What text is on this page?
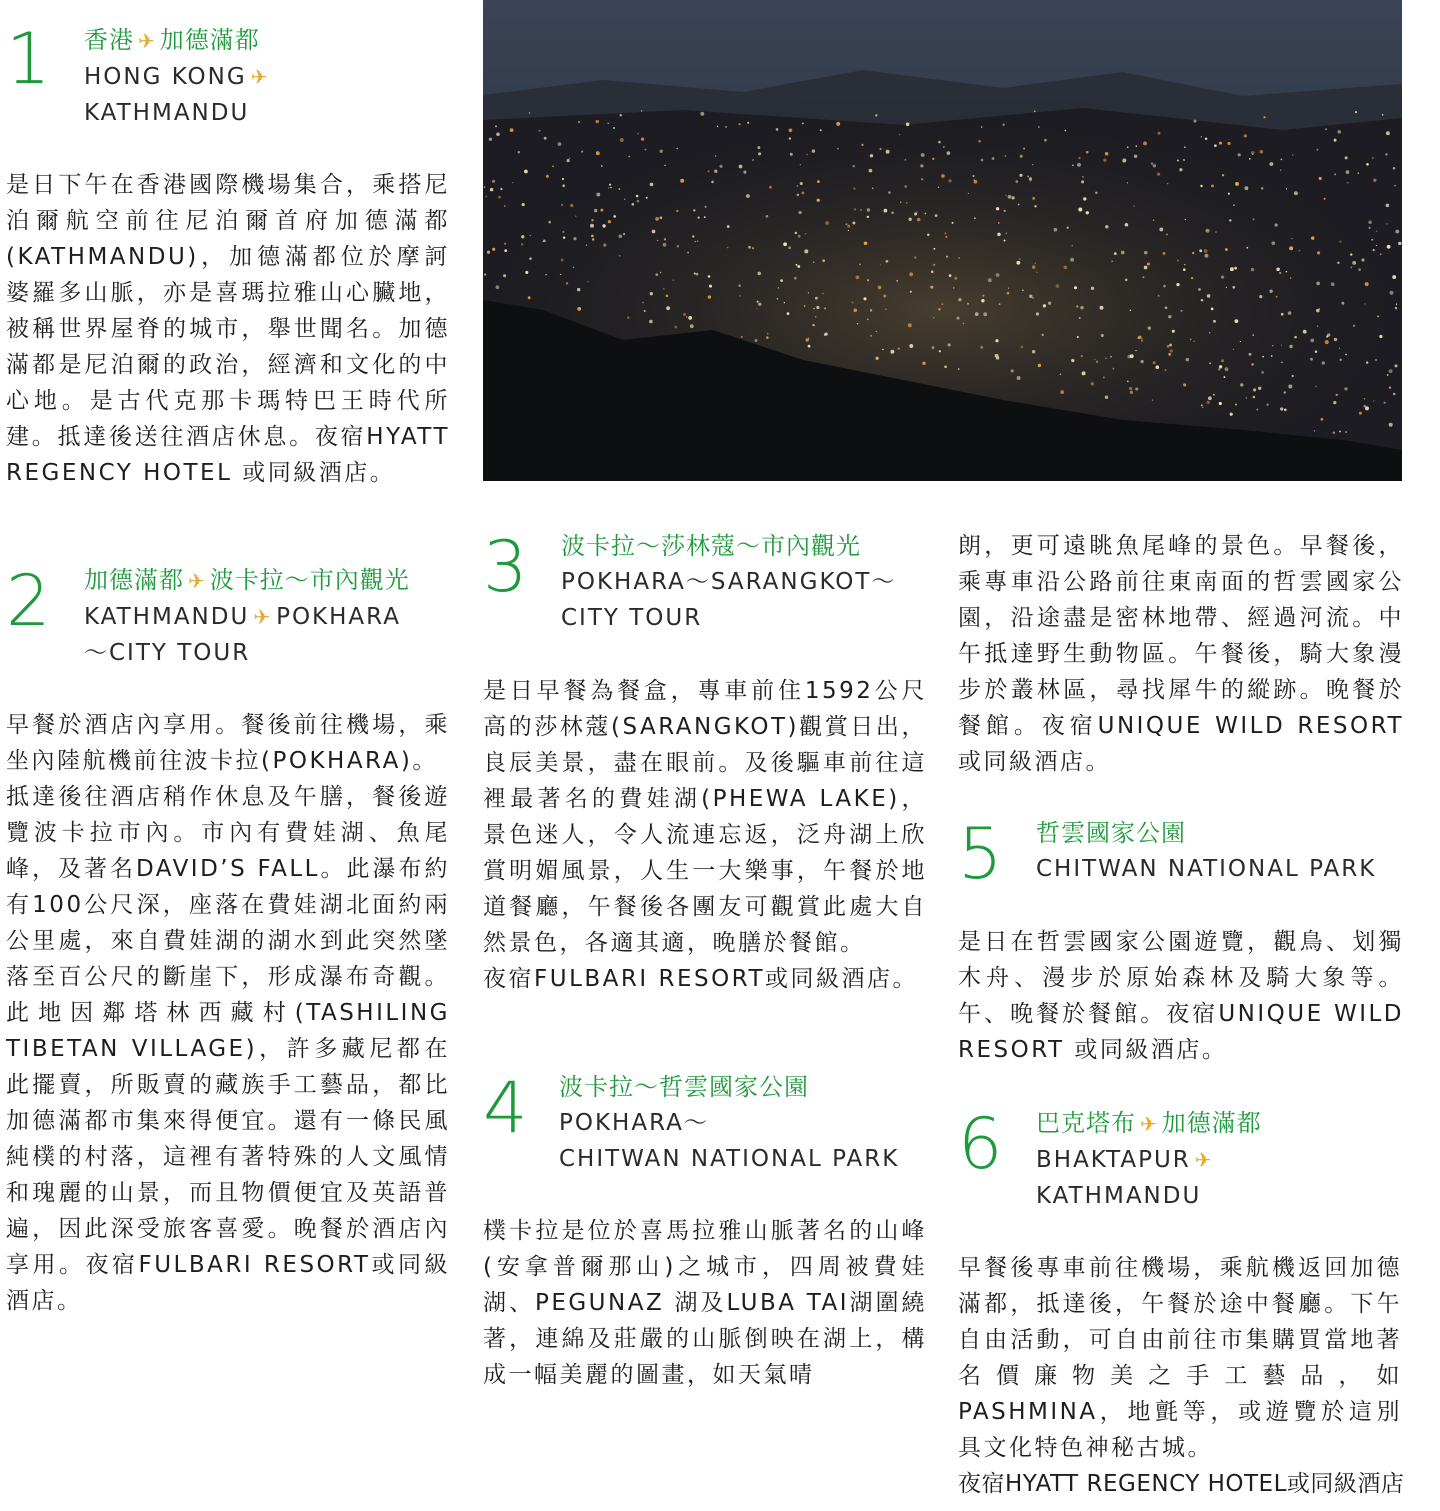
1 香港 ✈ 加德滿都
HONG KONG ✈
KATHMANDU

是日下午在香港國際機場集合，乘搭尼泊爾航空前往尼泊爾首府加德滿都(KATHMANDU)，加德滿都位於摩訶婆羅多山脈，亦是喜瑪拉雅山心臟地，被稱世界屋脊的城市，舉世聞名。加德滿都是尼泊爾的政治，經濟和文化的中心地。是古代克那卡瑪特巴王時代所建。抵達後送往酒店休息。夜宿HYATT REGENCY HOTEL 或同級酒店。

2 加德滿都 ✈ 波卡拉～市內觀光
KATHMANDU ✈ POKHARA
～CITY TOUR

早餐於酒店內享用。餐後前往機場，乘坐內陸航機前往波卡拉(POKHARA)。

抵達後往酒店稍作休息及午膳，餐後遊覽波卡拉市內。市內有費娃湖、魚尾峰，及著名DAVID’S FALL。此瀑布約有100公尺深，座落在費娃湖北面約兩公里處，來自費娃湖的湖水到此突然墜落至百公尺的斷崖下，形成瀑布奇觀。此地因鄰塔林西藏村(TASHILING TIBETAN VILLAGE)，許多藏尼都在此擺賣，所販賣的藏族手工藝品，都比加德滿都市集來得便宜。還有一條民風純樸的村落，這裡有著特殊的人文風情和瑰麗的山景，而且物價便宜及英語普遍，因此深受旅客喜愛。晚餐於酒店內享用。夜宿FULBARI RESORT或同級酒店。

3 波卡拉～莎林蔻～市內觀光
POKHARA～SARANGKOT～
CITY TOUR

是日早餐為餐盒，專車前住1592公尺高的莎林蔻(SARANGKOT)觀賞日出，良辰美景，盡在眼前。及後驅車前往這裡最著名的費娃湖(PHEWA LAKE)，景色迷人，令人流連忘返，泛舟湖上欣賞明媚風景，人生一大樂事，午餐於地道餐廳，午餐後各團友可觀賞此處大自然景色，各適其適，晚膳於餐館。

夜宿FULBARI RESORT或同級酒店。

4 波卡拉～哲雲國家公園
POKHARA～
CHITWAN NATIONAL PARK

樸卡拉是位於喜馬拉雅山脈著名的山峰(安拿普爾那山)之城市，四周被費娃湖、PEGUNAZ 湖及LUBA TAI湖圍繞著，連綿及莊嚴的山脈倒映在湖上，構成一幅美麗的圖畫，如天氣晴

朗，更可遠眺魚尾峰的景色。早餐後，乘專車沿公路前往東南面的哲雲國家公園，沿途盡是密林地帶、經過河流。中午抵達野生動物區。午餐後，騎大象漫步於叢林區，尋找犀牛的縱跡。晚餐於餐館。夜宿UNIQUE WILD RESORT 或同級酒店。

5 哲雲國家公園
CHITWAN NATIONAL PARK

是日在哲雲國家公園遊覽，觀鳥、划獨木舟、漫步於原始森林及騎大象等。午、晚餐於餐館。夜宿UNIQUE WILD RESORT 或同級酒店。

6 巴克塔布 ✈ 加德滿都
BHAKTAPUR ✈
KATHMANDU

早餐後專車前往機場，乘航機返回加德滿都，抵達後，午餐於途中餐廳。下午自由活動，可自由前往市集購買當地著名價廉物美之手工藝品，如PASHMINA，地氈等，或遊覽於這別具文化特色神秘古城。

夜宿HYATT REGENCY HOTEL或同級酒店
